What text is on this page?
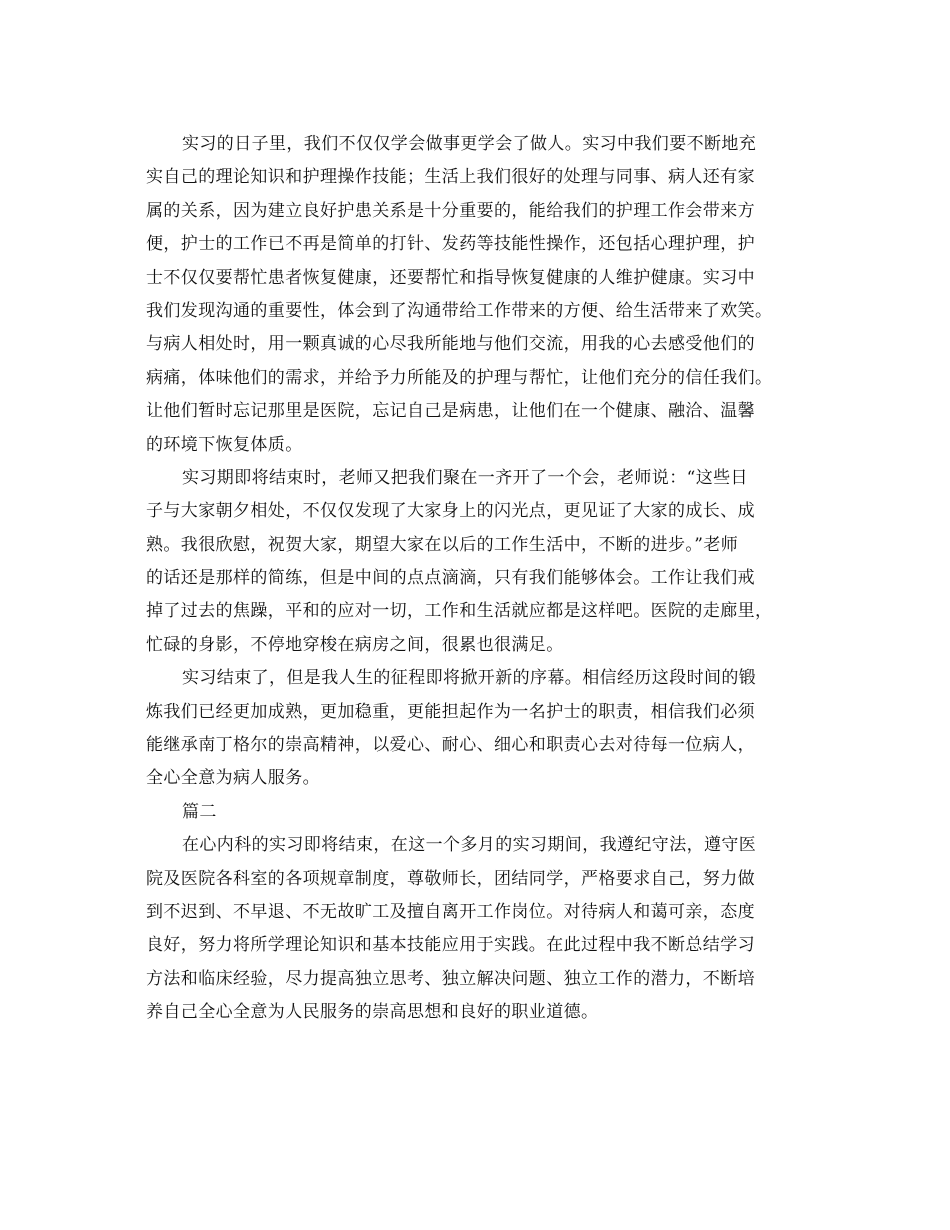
实习的日子里，我们不仅仅学会做事更学会了做人。实习中我们要不断地充
实自己的理论知识和护理操作技能；生活上我们很好的处理与同事、病人还有家
属的关系，因为建立良好护患关系是十分重要的，能给我们的护理工作会带来方
便，护士的工作已不再是简单的打针、发药等技能性操作，还包括心理护理，护
士不仅仅要帮忙患者恢复健康，还要帮忙和指导恢复健康的人维护健康。实习中
我们发现沟通的重要性，体会到了沟通带给工作带来的方便、给生活带来了欢笑。
与病人相处时，用一颗真诚的心尽我所能地与他们交流，用我的心去感受他们的
病痛，体味他们的需求，并给予力所能及的护理与帮忙，让他们充分的信任我们。
让他们暂时忘记那里是医院，忘记自己是病患，让他们在一个健康、融洽、温馨
的环境下恢复体质。
实习期即将结束时，老师又把我们聚在一齐开了一个会，老师说：“这些日
子与大家朝夕相处，不仅仅发现了大家身上的闪光点，更见证了大家的成长、成
熟。我很欣慰，祝贺大家，期望大家在以后的工作生活中，不断的进步。”老师
的话还是那样的简练，但是中间的点点滴滴，只有我们能够体会。工作让我们戒
掉了过去的焦躁，平和的应对一切，工作和生活就应都是这样吧。医院的走廊里，
忙碌的身影，不停地穿梭在病房之间，很累也很满足。
实习结束了，但是我人生的征程即将掀开新的序幕。相信经历这段时间的锻
炼我们已经更加成熟，更加稳重，更能担起作为一名护士的职责，相信我们必须
能继承南丁格尔的崇高精神，以爱心、耐心、细心和职责心去对待每一位病人，
全心全意为病人服务。
篇二
在心内科的实习即将结束，在这一个多月的实习期间，我遵纪守法，遵守医
院及医院各科室的各项规章制度，尊敬师长，团结同学，严格要求自己，努力做
到不迟到、不早退、不无故旷工及擅自离开工作岗位。对待病人和蔼可亲，态度
良好，努力将所学理论知识和基本技能应用于实践。在此过程中我不断总结学习
方法和临床经验，尽力提高独立思考、独立解决问题、独立工作的潜力，不断培
养自己全心全意为人民服务的崇高思想和良好的职业道德。
